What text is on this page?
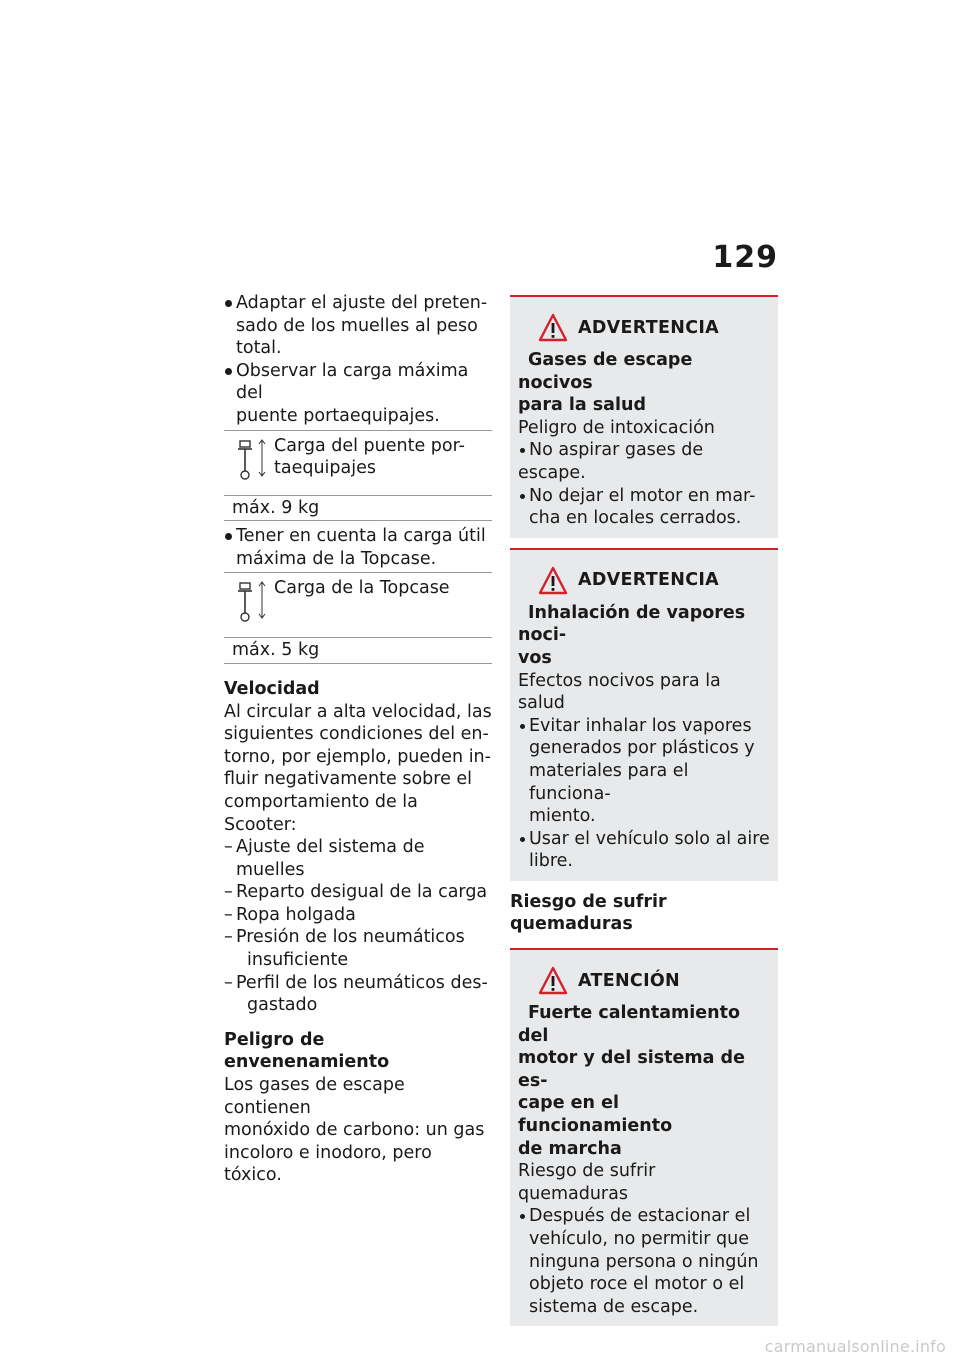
129
Adaptar el ajuste del preten-
sado de los muelles al peso
total.
Observar la carga máxima del
puente portaequipajes.
Carga del puente por-
taequipajes
máx. 9 kg
Tener en cuenta la carga útil
máxima de la Topcase.
Carga de la Topcase
máx. 5 kg
Velocidad
Al circular a alta velocidad, las
siguientes condiciones del en-
torno, por ejemplo, pueden in-
fluir negativamente sobre el
comportamiento de la Scooter:
– Ajuste del sistema de muelles
– Reparto desigual de la carga
– Ropa holgada
– Presión de los neumáticos
insuficiente
– Perfil de los neumáticos des-
gastado
Peligro de envenenamiento
Los gases de escape contienen
monóxido de carbono: un gas
incoloro e inodoro, pero tóxico.
ADVERTENCIA
Gases de escape nocivos
para la salud
Peligro de intoxicación
No aspirar gases de escape.
No dejar el motor en mar-
cha en locales cerrados.
ADVERTENCIA
Inhalación de vapores noci-
vos
Efectos nocivos para la salud
Evitar inhalar los vapores
generados por plásticos y
materiales para el funciona-
miento.
Usar el vehículo solo al aire
libre.
Riesgo de sufrir quemaduras
ATENCIÓN
Fuerte calentamiento del
motor y del sistema de es-
cape en el funcionamiento
de marcha
Riesgo de sufrir quemaduras
Después de estacionar el
vehículo, no permitir que
ninguna persona o ningún
objeto roce el motor o el
sistema de escape.
carmanualsonline.info
